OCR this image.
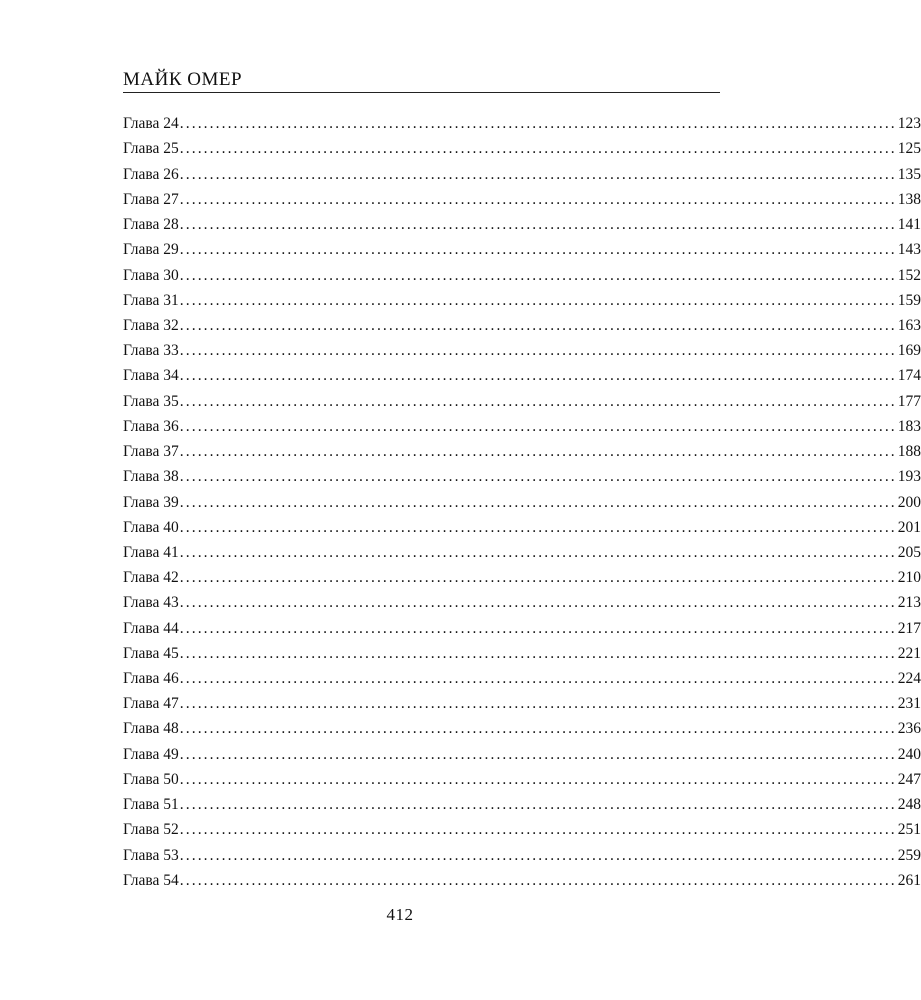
МАЙК ОМЕР
Глава 24 ........................................................................................................................ 123
Глава 25 ........................................................................................................................ 125
Глава 26 ........................................................................................................................ 135
Глава 27 ........................................................................................................................ 138
Глава 28 ........................................................................................................................ 141
Глава 29 ........................................................................................................................ 143
Глава 30 ........................................................................................................................ 152
Глава 31 ........................................................................................................................ 159
Глава 32 ........................................................................................................................ 163
Глава 33 ........................................................................................................................ 169
Глава 34 ........................................................................................................................ 174
Глава 35 ........................................................................................................................ 177
Глава 36 ........................................................................................................................ 183
Глава 37 ........................................................................................................................ 188
Глава 38 ........................................................................................................................ 193
Глава 39 ........................................................................................................................ 200
Глава 40 ........................................................................................................................ 201
Глава 41 ........................................................................................................................ 205
Глава 42 ........................................................................................................................ 210
Глава 43 ........................................................................................................................ 213
Глава 44 ........................................................................................................................ 217
Глава 45 ........................................................................................................................ 221
Глава 46 ........................................................................................................................ 224
Глава 47 ........................................................................................................................ 231
Глава 48 ........................................................................................................................ 236
Глава 49 ........................................................................................................................ 240
Глава 50 ........................................................................................................................ 247
Глава 51 ........................................................................................................................ 248
Глава 52 ........................................................................................................................ 251
Глава 53 ........................................................................................................................ 259
Глава 54 ........................................................................................................................ 261
412
